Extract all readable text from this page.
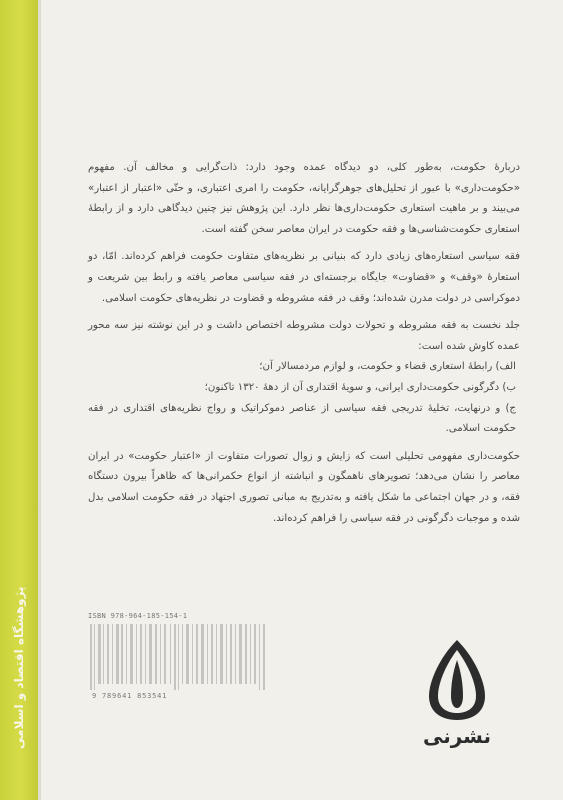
پژوهشگاه اقتصاد و اسلامی

دربارهٔ حکومت، به‌طور کلی، دو دیدگاه عمده وجود دارد: ذات‌گرایی و مخالف آن. مفهوم «حکومت‌داری» با عبور از تحلیل‌های جوهرگرایانه، حکومت را امری اعتباری، و حتّی «اعتبار از اعتبار» می‌بیند و بر ماهیت استعاری حکومت‌داری‌ها نظر دارد. این پژوهش نیز چنین دیدگاهی دارد و از رابطهٔ استعاری حکومت‌شناسی‌ها و فقه حکومت در ایران معاصر سخن گفته است.

فقه سیاسی استعاره‌های زیادی دارد که بنیانی بر نظریه‌های متفاوت حکومت فراهم کرده‌اند. امّا، دو استعارهٔ «وقف» و «قضاوت» جایگاه برجسته‌ای در فقه سیاسی معاصر یافته و رابط بین شریعت و دموکراسی در دولت مدرن شده‌اند؛ وقف در فقه مشروطه و قضاوت در نظریه‌های حکومت اسلامی.

جلد نخست به فقه مشروطه و تحولات دولت مشروطه اختصاص داشت و در این نوشته نیز سه محور عمده کاوش شده است:

الف) رابطهٔ استعاری قضاء و حکومت، و لوازم مردمسالار آن؛

ب) دگرگونی حکومت‌داری ایرانی، و سویهٔ اقتداری آن از دههٔ ۱۳۲۰ تاکنون؛

ج) و درنهایت، تخلیهٔ تدریجی فقه سیاسی از عناصر دموکراتیک و رواج نظریه‌های اقتداری در فقه حکومت اسلامی.

حکومت‌داری مفهومی تحلیلی است که زایش و زوال تصورات متفاوت از «اعتبار حکومت» در ایران معاصر را نشان می‌دهد؛ تصویرهای ناهمگون و انباشته از انواع حکمرانی‌ها که ظاهراً بیرون دستگاه فقه، و در جهان اجتماعی ما شکل یافته و به‌تدریج به مبانی تصوری اجتهاد در فقه حکومت اسلامی بدل شده و موجبات دگرگونی در فقه سیاسی را فراهم کرده‌اند.

ISBN 978-964-185-154-1
9 789641 853541
نشرنی
